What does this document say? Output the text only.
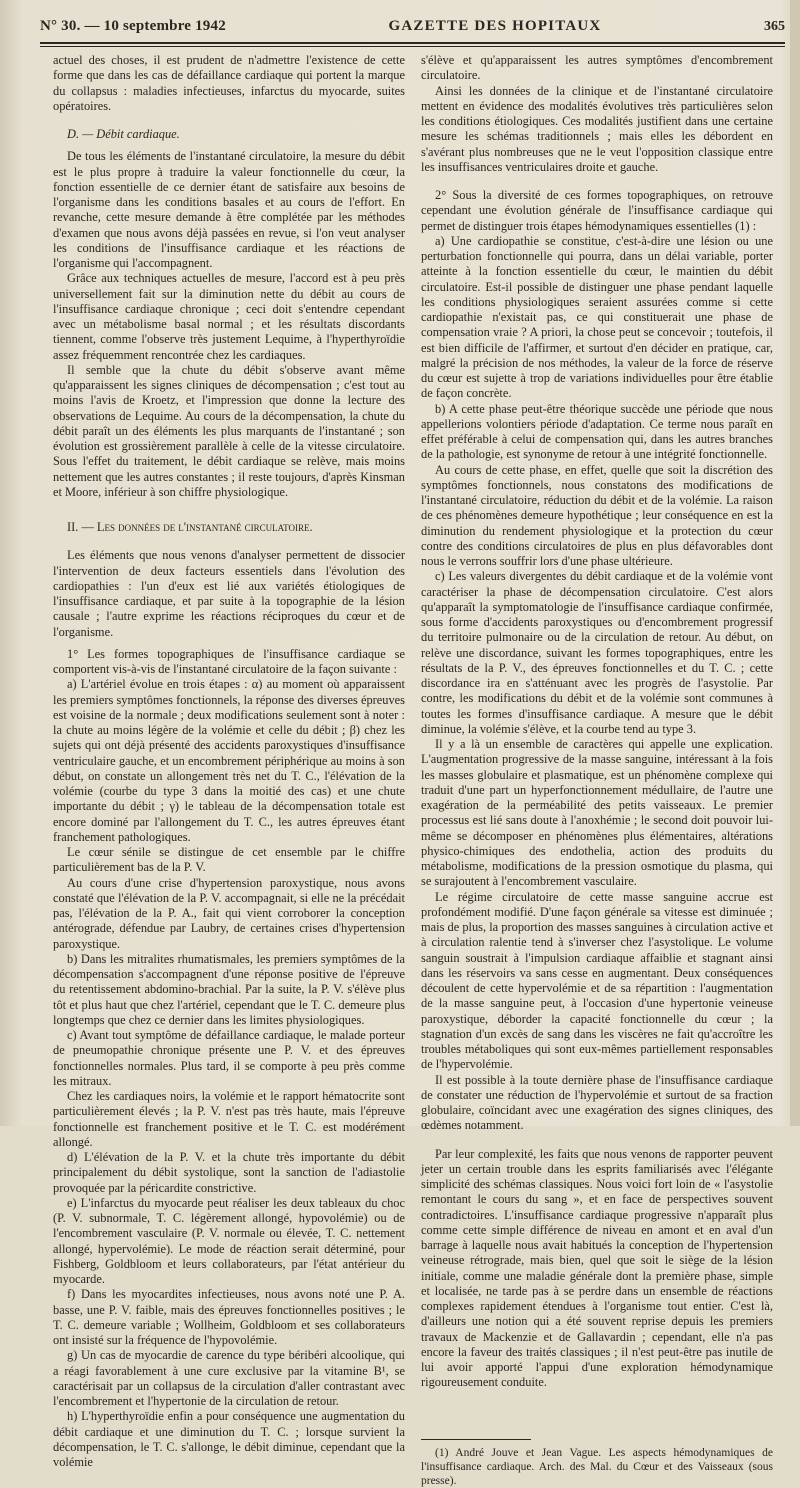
N° 30. — 10 septembre 1942	GAZETTE DES HOPITAUX	365

actuel des choses, il est prudent de n'admettre l'existence de cette forme que dans les cas de défaillance cardiaque qui portent la marque du collapsus : maladies infectieuses, infarctus du myocarde, suites opératoires.

D. — Débit cardiaque.

De tous les éléments de l'instantané circulatoire, la mesure du débit est le plus propre à traduire la valeur fonctionnelle du cœur, la fonction essentielle de ce dernier étant de satisfaire aux besoins de l'organisme dans les conditions basales et au cours de l'effort. En revanche, cette mesure demande à être complétée par les méthodes d'examen que nous avons déjà passées en revue, si l'on veut analyser les conditions de l'insuffisance cardiaque et les réactions de l'organisme qui l'accompagnent.

Grâce aux techniques actuelles de mesure, l'accord est à peu près universellement fait sur la diminution nette du débit au cours de l'insuffisance cardiaque chronique ; ceci doit s'entendre cependant avec un métabolisme basal normal ; et les résultats discordants tiennent, comme l'observe très justement Lequime, à l'hyperthyroïdie assez fréquemment rencontrée chez les cardiaques.

Il semble que la chute du débit s'observe avant même qu'apparaissent les signes cliniques de décompensation ; c'est tout au moins l'avis de Kroetz, et l'impression que donne la lecture des observations de Lequime. Au cours de la décompensation, la chute du débit paraît un des éléments les plus marquants de l'instantané ; son évolution est grossièrement parallèle à celle de la vitesse circulatoire. Sous l'effet du traitement, le débit cardiaque se relève, mais moins nettement que les autres constantes ; il reste toujours, d'après Kinsman et Moore, inférieur à son chiffre physiologique.

II. — Les données de l'instantané circulatoire.

Les éléments que nous venons d'analyser permettent de dissocier l'intervention de deux facteurs essentiels dans l'évolution des cardiopathies : l'un d'eux est lié aux variétés étiologiques de l'insuffisance cardiaque, et par suite à la topographie de la lésion causale ; l'autre exprime les réactions réciproques du cœur et de l'organisme.

1° Les formes topographiques de l'insuffisance cardiaque se comportent vis-à-vis de l'instantané circulatoire de la façon suivante :

a) L'artériel évolue en trois étapes : α) au moment où apparaissent les premiers symptômes fonctionnels, la réponse des diverses épreuves est voisine de la normale ; deux modifications seulement sont à noter : la chute au moins légère de la volémie et celle du débit ; β) chez les sujets qui ont déjà présenté des accidents paroxystiques d'insuffisance ventriculaire gauche, et un encombrement périphérique au moins à son début, on constate un allongement très net du T. C., l'élévation de la volémie (courbe du type 3 dans la moitié des cas) et une chute importante du débit ; γ) le tableau de la décompensation totale est encore dominé par l'allongement du T. C., les autres épreuves étant franchement pathologiques.

Le cœur sénile se distingue de cet ensemble par le chiffre particulièrement bas de la P. V.

Au cours d'une crise d'hypertension paroxystique, nous avons constaté que l'élévation de la P. V. accompagnait, si elle ne la précédait pas, l'élévation de la P. A., fait qui vient corroborer la conception antérograde, défendue par Laubry, de certaines crises d'hypertension paroxystique.

b) Dans les mitralites rhumatismales, les premiers symptômes de la décompensation s'accompagnent d'une réponse positive de l'épreuve du retentissement abdomino-brachial. Par la suite, la P. V. s'élève plus tôt et plus haut que chez l'artériel, cependant que le T. C. demeure plus longtemps que chez ce dernier dans les limites physiologiques.

c) Avant tout symptôme de défaillance cardiaque, le malade porteur de pneumopathie chronique présente une P. V. et des épreuves fonctionnelles normales. Plus tard, il se comporte à peu près comme les mitraux.

Chez les cardiaques noirs, la volémie et le rapport hématocrite sont particulièrement élevés ; la P. V. n'est pas très haute, mais l'épreuve fonctionnelle est franchement positive et le T. C. est modérément allongé.

d) L'élévation de la P. V. et la chute très importante du débit principalement du débit systolique, sont la sanction de l'adiastolie provoquée par la péricardite constrictive.

e) L'infarctus du myocarde peut réaliser les deux tableaux du choc (P. V. subnormale, T. C. légèrement allongé, hypovolémie) ou de l'encombrement vasculaire (P. V. normale ou élevée, T. C. nettement allongé, hypervolémie). Le mode de réaction serait déterminé, pour Fishberg, Goldbloom et leurs collaborateurs, par l'état antérieur du myocarde.

f) Dans les myocardites infectieuses, nous avons noté une P. A. basse, une P. V. faible, mais des épreuves fonctionnelles positives ; le T. C. demeure variable ; Wollheim, Goldbloom et ses collaborateurs ont insisté sur la fréquence de l'hypovolémie.

g) Un cas de myocardie de carence du type béribéri alcoolique, qui a réagi favorablement à une cure exclusive par la vitamine B¹, se caractérisait par un collapsus de la circulation d'aller contrastant avec l'encombrement et l'hypertonie de la circulation de retour.

h) L'hyperthyroïdie enfin a pour conséquence une augmentation du débit cardiaque et une diminution du T. C. ; lorsque survient la décompensation, le T. C. s'allonge, le débit diminue, cependant que la volémie

s'élève et qu'apparaissent les autres symptômes d'encombrement circulatoire.

Ainsi les données de la clinique et de l'instantané circulatoire mettent en évidence des modalités évolutives très particulières selon les conditions étiologiques. Ces modalités justifient dans une certaine mesure les schémas traditionnels ; mais elles les débordent en s'avérant plus nombreuses que ne le veut l'opposition classique entre les insuffisances ventriculaires droite et gauche.

2° Sous la diversité de ces formes topographiques, on retrouve cependant une évolution générale de l'insuffisance cardiaque qui permet de distinguer trois étapes hémodynamiques essentielles (1) :

a) Une cardiopathie se constitue, c'est-à-dire une lésion ou une perturbation fonctionnelle qui pourra, dans un délai variable, porter atteinte à la fonction essentielle du cœur, le maintien du débit circulatoire. Est-il possible de distinguer une phase pendant laquelle les conditions physiologiques seraient assurées comme si cette cardiopathie n'existait pas, ce qui constituerait une phase de compensation vraie ? A priori, la chose peut se concevoir ; toutefois, il est bien difficile de l'affirmer, et surtout d'en décider en pratique, car, malgré la précision de nos méthodes, la valeur de la force de réserve du cœur est sujette à trop de variations individuelles pour être établie de façon concrète.

b) A cette phase peut-être théorique succède une période que nous appellerions volontiers période d'adaptation. Ce terme nous paraît en effet préférable à celui de compensation qui, dans les autres branches de la pathologie, est synonyme de retour à une intégrité fonctionnelle.

Au cours de cette phase, en effet, quelle que soit la discrétion des symptômes fonctionnels, nous constatons des modifications de l'instantané circulatoire, réduction du débit et de la volémie. La raison de ces phénomènes demeure hypothétique ; leur conséquence en est la diminution du rendement physiologique et la protection du cœur contre des conditions circulatoires de plus en plus défavorables dont nous le verrons souffrir lors d'une phase ultérieure.

c) Les valeurs divergentes du débit cardiaque et de la volémie vont caractériser la phase de décompensation circulatoire. C'est alors qu'apparaît la symptomatologie de l'insuffisance cardiaque confirmée, sous forme d'accidents paroxystiques ou d'encombrement progressif du territoire pulmonaire ou de la circulation de retour. Au début, on relève une discordance, suivant les formes topographiques, entre les résultats de la P. V., des épreuves fonctionnelles et du T. C. ; cette discordance ira en s'atténuant avec les progrès de l'asystolie. Par contre, les modifications du débit et de la volémie sont communes à toutes les formes d'insuffisance cardiaque. A mesure que le débit diminue, la volémie s'élève, et la courbe tend au type 3.

Il y a là un ensemble de caractères qui appelle une explication. L'augmentation progressive de la masse sanguine, intéressant à la fois les masses globulaire et plasmatique, est un phénomène complexe qui traduit d'une part un hyperfonctionnement médullaire, de l'autre une exagération de la perméabilité des petits vaisseaux. Le premier processus est lié sans doute à l'anoxhémie ; le second doit pouvoir lui-même se décomposer en phénomènes plus élémentaires, altérations physico-chimiques des endothelia, action des produits du métabolisme, modifications de la pression osmotique du plasma, qui se surajoutent à l'encombrement vasculaire.

Le régime circulatoire de cette masse sanguine accrue est profondément modifié. D'une façon générale sa vitesse est diminuée ; mais de plus, la proportion des masses sanguines à circulation active et à circulation ralentie tend à s'inverser chez l'asystolique. Le volume sanguin soustrait à l'impulsion cardiaque affaiblie et stagnant ainsi dans les réservoirs va sans cesse en augmentant. Deux conséquences découlent de cette hypervolémie et de sa répartition : l'augmentation de la masse sanguine peut, à l'occasion d'une hypertonie veineuse paroxystique, déborder la capacité fonctionnelle du cœur ; la stagnation d'un excès de sang dans les viscères ne fait qu'accroître les troubles métaboliques qui sont eux-mêmes partiellement responsables de l'hypervolémie.

Il est possible à la toute dernière phase de l'insuffisance cardiaque de constater une réduction de l'hypervolémie et surtout de sa fraction globulaire, coïncidant avec une exagération des signes cliniques, des œdèmes notamment.

Par leur complexité, les faits que nous venons de rapporter peuvent jeter un certain trouble dans les esprits familiarisés avec l'élégante simplicité des schémas classiques. Nous voici fort loin de « l'asystolie remontant le cours du sang », et en face de perspectives souvent contradictoires. L'insuffisance cardiaque progressive n'apparaît plus comme cette simple différence de niveau en amont et en aval d'un barrage à laquelle nous avait habitués la conception de l'hypertension veineuse rétrograde, mais bien, quel que soit le siège de la lésion initiale, comme une maladie générale dont la première phase, simple et localisée, ne tarde pas à se perdre dans un ensemble de réactions complexes rapidement étendues à l'organisme tout entier. C'est là, d'ailleurs une notion qui a été souvent reprise depuis les premiers travaux de Mackenzie et de Gallavardin ; cependant, elle n'a pas encore la faveur des traités classiques ; il n'est peut-être pas inutile de lui avoir apporté l'appui d'une exploration hémodynamique rigoureusement conduite.

(1) André Jouve et Jean Vague. Les aspects hémodynamiques de l'insuffisance cardiaque. Arch. des Mal. du Cœur et des Vaisseaux (sous presse).
